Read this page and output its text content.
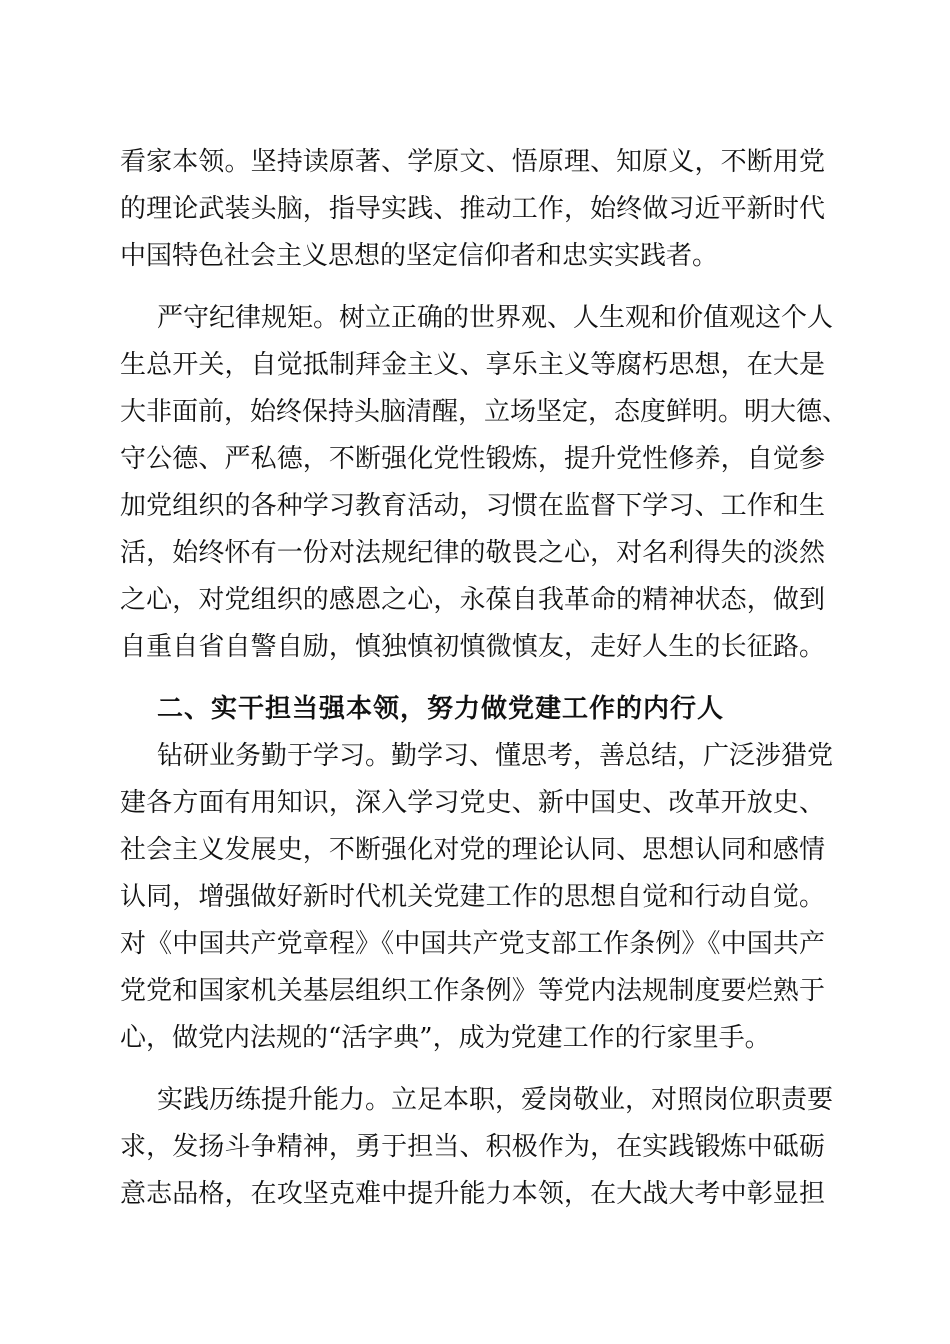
看家本领。坚持读原著、学原文、悟原理、知原义，不断用党
的理论武装头脑，指导实践、推动工作，始终做习近平新时代
中国特色社会主义思想的坚定信仰者和忠实实践者。
严守纪律规矩。树立正确的世界观、人生观和价值观这个人
生总开关，自觉抵制拜金主义、享乐主义等腐朽思想，在大是
大非面前，始终保持头脑清醒，立场坚定，态度鲜明。明大德、
守公德、严私德，不断强化党性锻炼，提升党性修养，自觉参
加党组织的各种学习教育活动，习惯在监督下学习、工作和生
活，始终怀有一份对法规纪律的敬畏之心，对名利得失的淡然
之心，对党组织的感恩之心，永葆自我革命的精神状态，做到
自重自省自警自励，慎独慎初慎微慎友，走好人生的长征路。
二、实干担当强本领，努力做党建工作的内行人
钻研业务勤于学习。勤学习、懂思考，善总结，广泛涉猎党
建各方面有用知识，深入学习党史、新中国史、改革开放史、
社会主义发展史，不断强化对党的理论认同、思想认同和感情
认同，增强做好新时代机关党建工作的思想自觉和行动自觉。
对《中国共产党章程》《中国共产党支部工作条例》《中国共产
党党和国家机关基层组织工作条例》等党内法规制度要烂熟于
心，做党内法规的“活字典”，成为党建工作的行家里手。
实践历练提升能力。立足本职，爱岗敬业，对照岗位职责要
求，发扬斗争精神，勇于担当、积极作为，在实践锻炼中砥砺
意志品格，在攻坚克难中提升能力本领，在大战大考中彰显担
